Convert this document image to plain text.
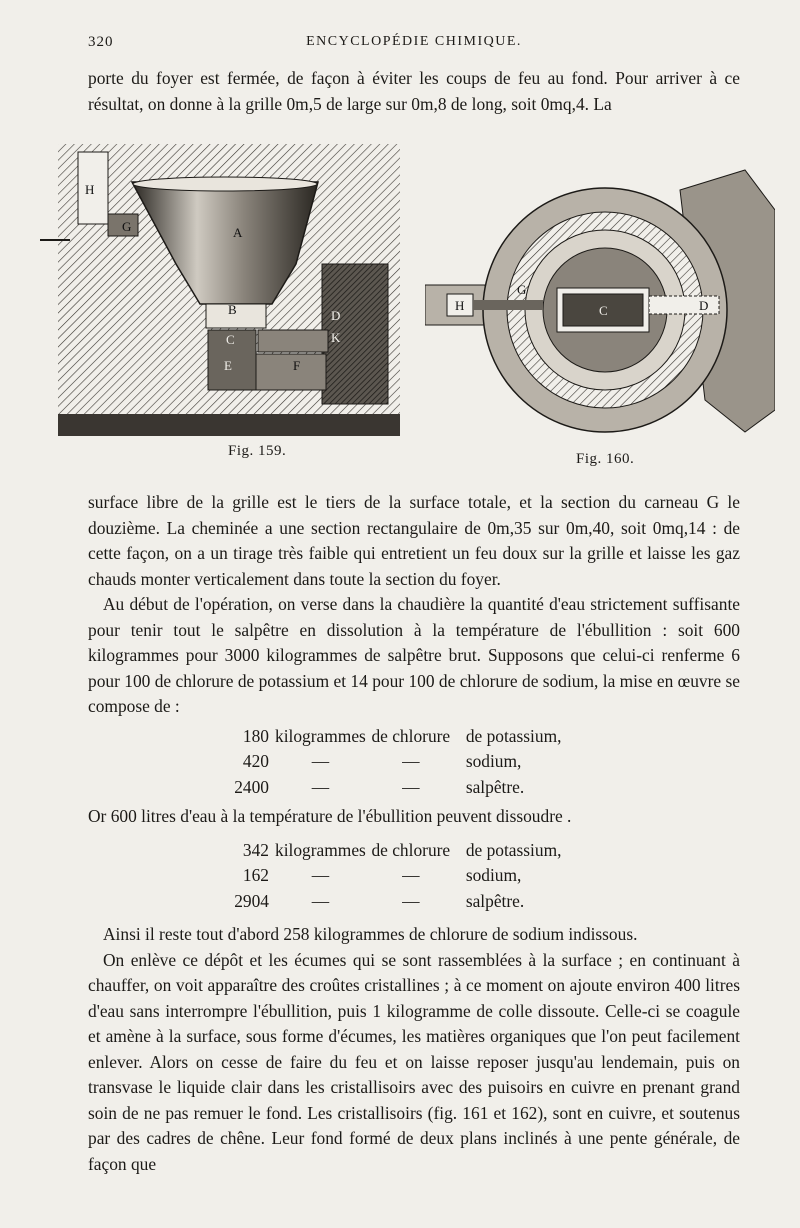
320	ENCYCLOPÉDIE CHIMIQUE.

porte du foyer est fermée, de façon à éviter les coups de feu au fond. Pour arriver à ce résultat, on donne à la grille 0m,5 de large sur 0m,8 de long, soit 0mq,4. La

H
G	A
B
C
D
K
E	F
H
G
C	D
Fig. 159.	Fig. 160.

surface libre de la grille est le tiers de la surface totale, et la section du carneau G le douzième. La cheminée a une section rectangulaire de 0m,35 sur 0m,40, soit 0mq,14 : de cette façon, on a un tirage très faible qui entretient un feu doux sur la grille et laisse les gaz chauds monter verticalement dans toute la section du foyer.

Au début de l'opération, on verse dans la chaudière la quantité d'eau strictement suffisante pour tenir tout le salpêtre en dissolution à la température de l'ébullition : soit 600 kilogrammes pour 3000 kilogrammes de salpêtre brut. Supposons que celui-ci renferme 6 pour 100 de chlorure de potassium et 14 pour 100 de chlorure de sodium, la mise en œuvre se compose de :

180	kilogrammes	de chlorure	de potassium,
420	—	—	sodium,
2400	—	—	salpêtre.

Or 600 litres d'eau à la température de l'ébullition peuvent dissoudre .

342	kilogrammes	de chlorure	de potassium,
162	—	—	sodium,
2904	—	—	salpêtre.

Ainsi il reste tout d'abord 258 kilogrammes de chlorure de sodium indissous.

On enlève ce dépôt et les écumes qui se sont rassemblées à la surface ; en continuant à chauffer, on voit apparaître des croûtes cristallines ; à ce moment on ajoute environ 400 litres d'eau sans interrompre l'ébullition, puis 1 kilogramme de colle dissoute. Celle-ci se coagule et amène à la surface, sous forme d'écumes, les matières organiques que l'on peut facilement enlever. Alors on cesse de faire du feu et on laisse reposer jusqu'au lendemain, puis on transvase le liquide clair dans les cristallisoirs avec des puisoirs en cuivre en prenant grand soin de ne pas remuer le fond. Les cristallisoirs (fig. 161 et 162), sont en cuivre, et soutenus par des cadres de chêne. Leur fond formé de deux plans inclinés à une pente générale, de façon que
